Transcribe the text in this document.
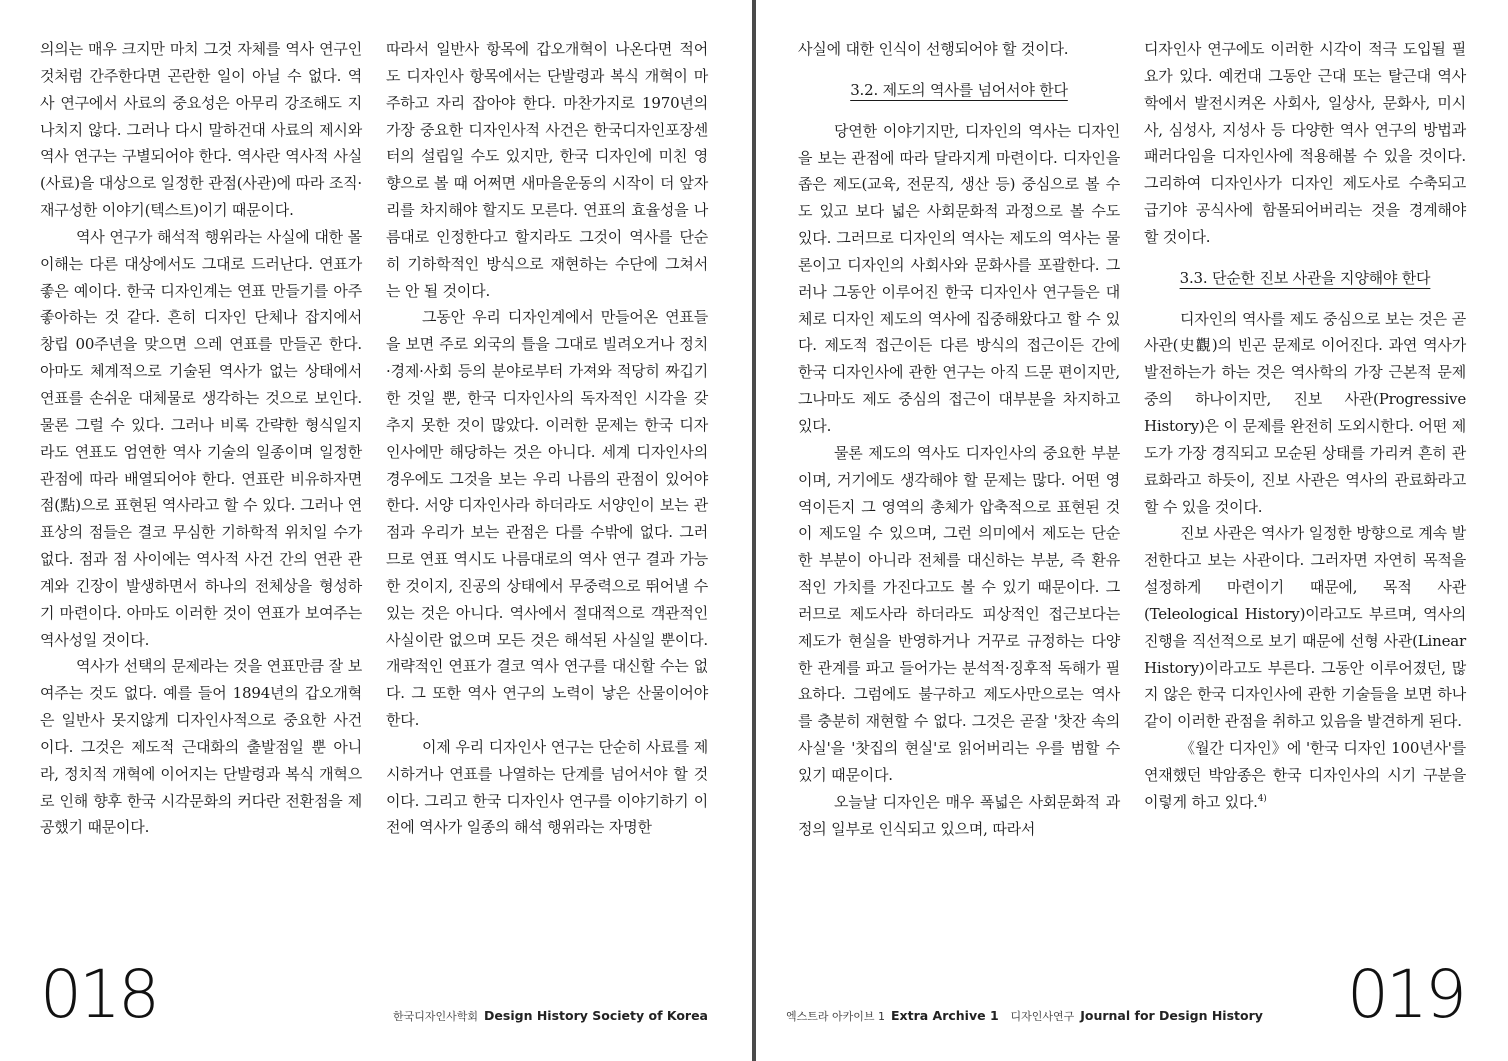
의의는 매우 크지만 마치 그것 자체를 역사 연구인 것처럼 간주한다면 곤란한 일이 아닐 수 없다. 역사 연구에서 사료의 중요성은 아무리 강조해도 지나치지 않다. 그러나 다시 말하건대 사료의 제시와 역사 연구는 구별되어야 한다. 역사란 역사적 사실(사료)을 대상으로 일정한 관점(사관)에 따라 조직·재구성한 이야기(텍스트)이기 때문이다.

역사 연구가 해석적 행위라는 사실에 대한 몰이해는 다른 대상에서도 그대로 드러난다. 연표가 좋은 예이다. 한국 디자인계는 연표 만들기를 아주 좋아하는 것 같다. 흔히 디자인 단체나 잡지에서 창립 00주년을 맞으면 으레 연표를 만들곤 한다. 아마도 체계적으로 기술된 역사가 없는 상태에서 연표를 손쉬운 대체물로 생각하는 것으로 보인다. 물론 그럴 수 있다. 그러나 비록 간략한 형식일지라도 연표도 엄연한 역사 기술의 일종이며 일정한 관점에 따라 배열되어야 한다. 연표란 비유하자면 점(點)으로 표현된 역사라고 할 수 있다. 그러나 연표상의 점들은 결코 무심한 기하학적 위치일 수가 없다. 점과 점 사이에는 역사적 사건 간의 연관 관계와 긴장이 발생하면서 하나의 전체상을 형성하기 마련이다. 아마도 이러한 것이 연표가 보여주는 역사성일 것이다.

역사가 선택의 문제라는 것을 연표만큼 잘 보여주는 것도 없다. 예를 들어 1894년의 갑오개혁은 일반사 못지않게 디자인사적으로 중요한 사건이다. 그것은 제도적 근대화의 출발점일 뿐 아니라, 정치적 개혁에 이어지는 단발령과 복식 개혁으로 인해 향후 한국 시각문화의 커다란 전환점을 제공했기 때문이다.

따라서 일반사 항목에 갑오개혁이 나온다면 적어도 디자인사 항목에서는 단발령과 복식 개혁이 마주하고 자리 잡아야 한다. 마찬가지로 1970년의 가장 중요한 디자인사적 사건은 한국디자인포장센터의 설립일 수도 있지만, 한국 디자인에 미친 영향으로 볼 때 어쩌면 새마을운동의 시작이 더 앞자리를 차지해야 할지도 모른다. 연표의 효율성을 나름대로 인정한다고 할지라도 그것이 역사를 단순히 기하학적인 방식으로 재현하는 수단에 그쳐서는 안 될 것이다.

그동안 우리 디자인계에서 만들어온 연표들을 보면 주로 외국의 틀을 그대로 빌려오거나 정치·경제·사회 등의 분야로부터 가져와 적당히 짜깁기 한 것일 뿐, 한국 디자인사의 독자적인 시각을 갖추지 못한 것이 많았다. 이러한 문제는 한국 디자인사에만 해당하는 것은 아니다. 세계 디자인사의 경우에도 그것을 보는 우리 나름의 관점이 있어야 한다. 서양 디자인사라 하더라도 서양인이 보는 관점과 우리가 보는 관점은 다를 수밖에 없다. 그러므로 연표 역시도 나름대로의 역사 연구 결과 가능한 것이지, 진공의 상태에서 무중력으로 뛰어낼 수 있는 것은 아니다. 역사에서 절대적으로 객관적인 사실이란 없으며 모든 것은 해석된 사실일 뿐이다. 개략적인 연표가 결코 역사 연구를 대신할 수는 없다. 그 또한 역사 연구의 노력이 낳은 산물이어야 한다.

이제 우리 디자인사 연구는 단순히 사료를 제시하거나 연표를 나열하는 단계를 넘어서야 할 것이다. 그리고 한국 디자인사 연구를 이야기하기 이전에 역사가 일종의 해석 행위라는 자명한

018	한국디자인사학회 Design History Society of Korea

사실에 대한 인식이 선행되어야 할 것이다.

3.2. 제도의 역사를 넘어서야 한다

당연한 이야기지만, 디자인의 역사는 디자인을 보는 관점에 따라 달라지게 마련이다. 디자인을 좁은 제도(교육, 전문직, 생산 등) 중심으로 볼 수도 있고 보다 넓은 사회문화적 과정으로 볼 수도 있다. 그러므로 디자인의 역사는 제도의 역사는 물론이고 디자인의 사회사와 문화사를 포괄한다. 그러나 그동안 이루어진 한국 디자인사 연구들은 대체로 디자인 제도의 역사에 집중해왔다고 할 수 있다. 제도적 접근이든 다른 방식의 접근이든 간에 한국 디자인사에 관한 연구는 아직 드문 편이지만, 그나마도 제도 중심의 접근이 대부분을 차지하고 있다.

물론 제도의 역사도 디자인사의 중요한 부분이며, 거기에도 생각해야 할 문제는 많다. 어떤 영역이든지 그 영역의 총체가 압축적으로 표현된 것이 제도일 수 있으며, 그런 의미에서 제도는 단순한 부분이 아니라 전체를 대신하는 부분, 즉 환유적인 가치를 가진다고도 볼 수 있기 때문이다. 그러므로 제도사라 하더라도 피상적인 접근보다는 제도가 현실을 반영하거나 거꾸로 규정하는 다양한 관계를 파고 들어가는 분석적·징후적 독해가 필요하다. 그럼에도 불구하고 제도사만으로는 역사를 충분히 재현할 수 없다. 그것은 곧잘 '찻잔 속의 사실'을 '찻집의 현실'로 읽어버리는 우를 범할 수 있기 때문이다.

오늘날 디자인은 매우 폭넓은 사회문화적 과정의 일부로 인식되고 있으며, 따라서

디자인사 연구에도 이러한 시각이 적극 도입될 필요가 있다. 예컨대 그동안 근대 또는 탈근대 역사학에서 발전시켜온 사회사, 일상사, 문화사, 미시사, 심성사, 지성사 등 다양한 역사 연구의 방법과 패러다임을 디자인사에 적용해볼 수 있을 것이다. 그리하여 디자인사가 디자인 제도사로 수축되고 급기야 공식사에 함몰되어버리는 것을 경계해야 할 것이다.

3.3. 단순한 진보 사관을 지양해야 한다

디자인의 역사를 제도 중심으로 보는 것은 곧 사관(史觀)의 빈곤 문제로 이어진다. 과연 역사가 발전하는가 하는 것은 역사학의 가장 근본적 문제 중의 하나이지만, 진보 사관(Progressive History)은 이 문제를 완전히 도외시한다. 어떤 제도가 가장 경직되고 모순된 상태를 가리켜 흔히 관료화라고 하듯이, 진보 사관은 역사의 관료화라고 할 수 있을 것이다.

진보 사관은 역사가 일정한 방향으로 계속 발전한다고 보는 사관이다. 그러자면 자연히 목적을 설정하게 마련이기 때문에, 목적 사관(Teleological History)이라고도 부르며, 역사의 진행을 직선적으로 보기 때문에 선형 사관(Linear History)이라고도 부른다. 그동안 이루어졌던, 많지 않은 한국 디자인사에 관한 기술들을 보면 하나같이 이러한 관점을 취하고 있음을 발견하게 된다.

《월간 디자인》에 '한국 디자인 100년사'를 연재했던 박암종은 한국 디자인사의 시기 구분을 이렇게 하고 있다.$^{4)}$

엑스트라 아카이브 1 Extra Archive 1 디자인사연구 Journal for Design History 019
